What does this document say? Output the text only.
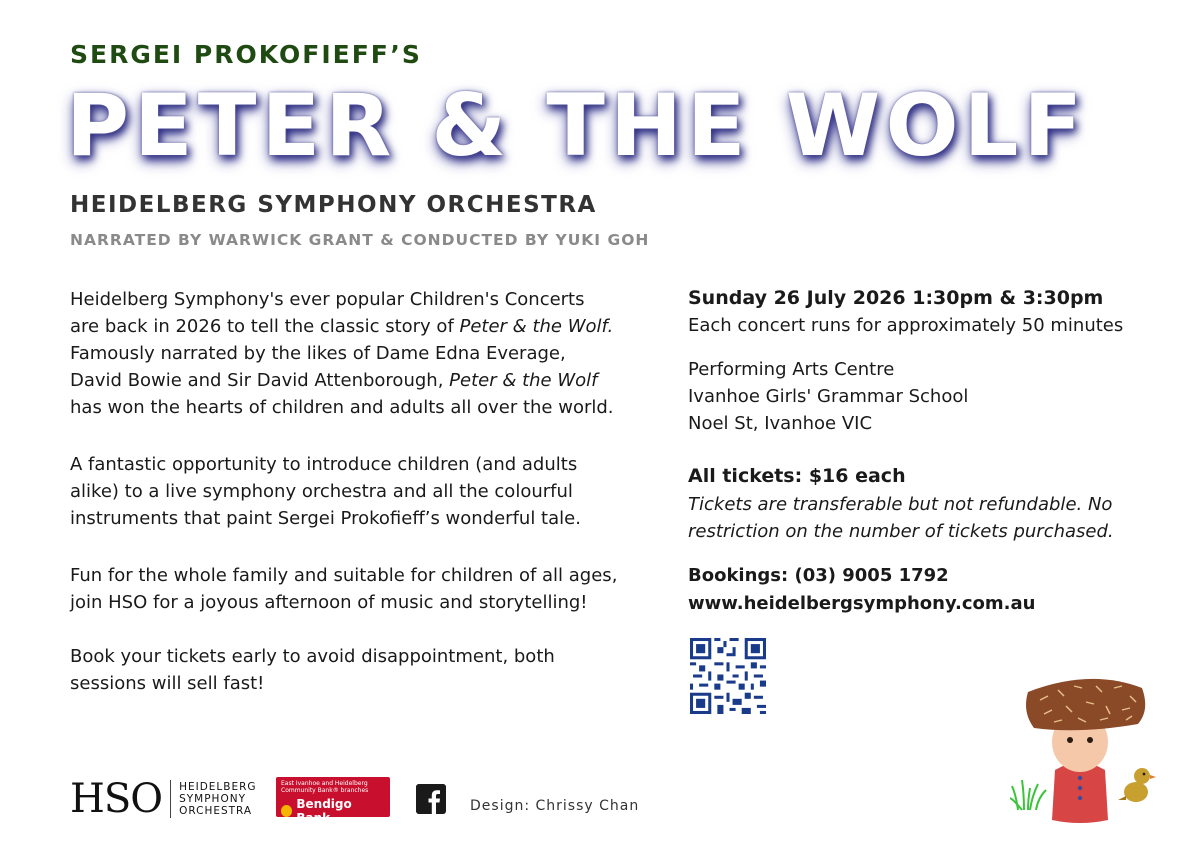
SERGEI PROKOFIEFF’S
PETER & THE WOLF
HEIDELBERG SYMPHONY ORCHESTRA
NARRATED BY WARWICK GRANT & CONDUCTED BY YUKI GOH
Heidelberg Symphony's ever popular Children's Concerts
are back in 2026 to tell the classic story of Peter & the Wolf.
Famously narrated by the likes of Dame Edna Everage,
David Bowie and Sir David Attenborough, Peter & the Wolf
has won the hearts of children and adults all over the world.
A fantastic opportunity to introduce children (and adults
alike) to a live symphony orchestra and all the colourful
instruments that paint Sergei Prokofieff’s wonderful tale.
Fun for the whole family and suitable for children of all ages,
join HSO for a joyous afternoon of music and storytelling!
Book your tickets early to avoid disappointment, both
sessions will sell fast!
Sunday 26 July 2026 1:30pm & 3:30pm
Each concert runs for approximately 50 minutes
Performing Arts Centre
Ivanhoe Girls' Grammar School
Noel St, Ivanhoe VIC
All tickets: $16 each
Tickets are transferable but not refundable. No
restriction on the number of tickets purchased.
Bookings: (03) 9005 1792
www.heidelbergsymphony.com.au
HSO HEIDELBERG
SYMPHONY
ORCHESTRA
East Ivanhoe and Heidelberg
Community Bank® branches
Bendigo Bank
Design: Chrissy Chan
